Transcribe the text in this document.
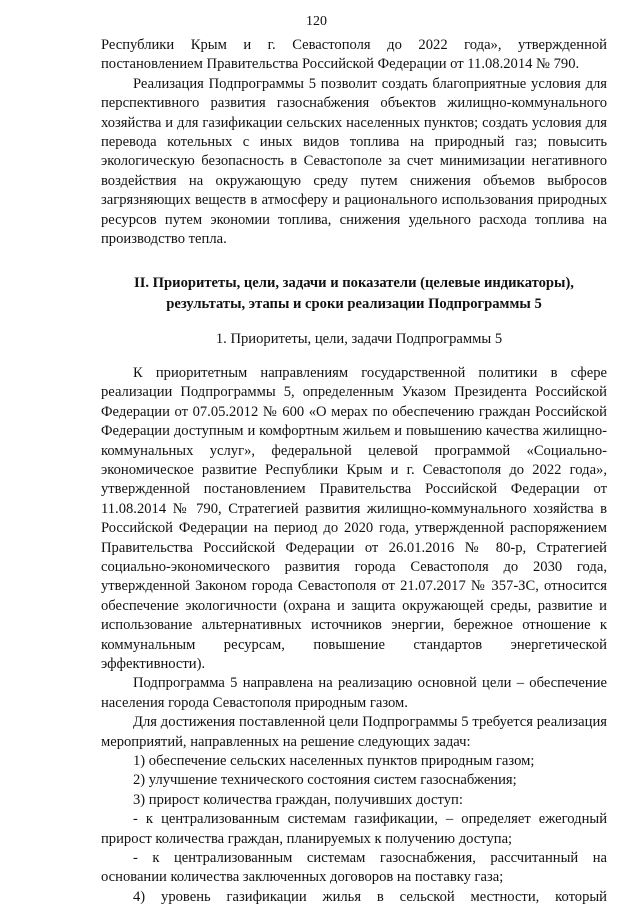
120

Республики Крым и г. Севастополя до 2022 года», утвержденной постановлением Правительства Российской Федерации от 11.08.2014 № 790.

Реализация Подпрограммы 5 позволит создать благоприятные условия для перспективного развития газоснабжения объектов жилищно-коммунального хозяйства и для газификации сельских населенных пунктов; создать условия для перевода котельных с иных видов топлива на природный газ; повысить экологическую безопасность в Севастополе за счет минимизации негативного воздействия на окружающую среду путем снижения объемов выбросов загрязняющих веществ в атмосферу и рационального использования природных ресурсов путем экономии топлива, снижения удельного расхода топлива на производство тепла.

II. Приоритеты, цели, задачи и показатели (целевые индикаторы), результаты, этапы и сроки реализации Подпрограммы 5

1. Приоритеты, цели, задачи Подпрограммы 5

К приоритетным направлениям государственной политики в сфере реализации Подпрограммы 5, определенным Указом Президента Российской Федерации от 07.05.2012 № 600 «О мерах по обеспечению граждан Российской Федерации доступным и комфортным жильем и повышению качества жилищно-коммунальных услуг», федеральной целевой программой «Социально-экономическое развитие Республики Крым и г. Севастополя до 2022 года», утвержденной постановлением Правительства Российской Федерации от 11.08.2014 № 790, Стратегией развития жилищно-коммунального хозяйства в Российской Федерации на период до 2020 года, утвержденной распоряжением Правительства Российской Федерации от 26.01.2016 № 80-р, Стратегией социально-экономического развития города Севастополя до 2030 года, утвержденной Законом города Севастополя от 21.07.2017 № 357-ЗС, относится обеспечение экологичности (охрана и защита окружающей среды, развитие и использование альтернативных источников энергии, бережное отношение к коммунальным ресурсам, повышение стандартов энергетической эффективности).

Подпрограмма 5 направлена на реализацию основной цели – обеспечение населения города Севастополя природным газом.

Для достижения поставленной цели Подпрограммы 5 требуется реализация мероприятий, направленных на решение следующих задач:

1) обеспечение сельских населенных пунктов природным газом;

2) улучшение технического состояния систем газоснабжения;

3) прирост количества граждан, получивших доступ:

- к централизованным системам газификации, – определяет ежегодный прирост количества граждан, планируемых к получению доступа;

- к централизованным системам газоснабжения, рассчитанный на основании количества заключенных договоров на поставку газа;

4) уровень газификации жилья в сельской местности, который
